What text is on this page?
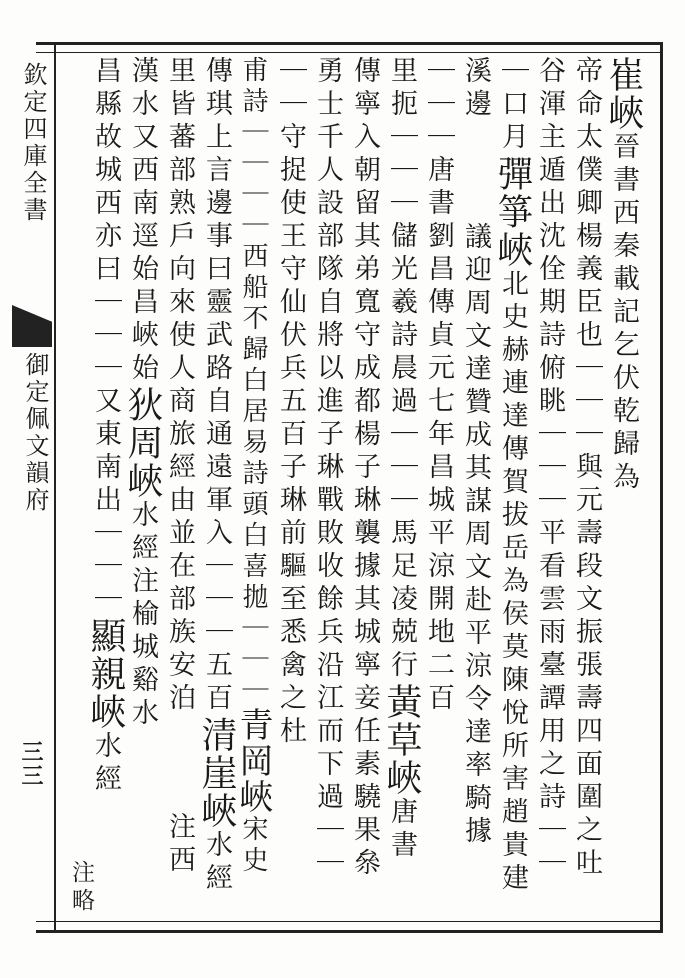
欽定四庫全書
御定佩文韻府
三三
崔峽晉書西秦載記乞伏乾歸為
帝命太僕卿楊義臣也｜｜｜與元壽段文振張壽四面圍之吐
谷渾主遁出沈佺期詩俯眺｜｜｜平看雲雨臺譚用之詩｜｜
｜口月彈箏峽北史赫連達傳賀拔岳為侯莫陳悅所害趙貴建
溪邊議迎周文達贊成其謀周文赴平涼令達率騎據
｜｜｜唐書劉昌傳貞元七年昌城平涼開地二百
里扼｜｜｜儲光羲詩晨過｜｜｜馬足凌兢行黃草峽唐書
傳寧入朝留其弟寬守成都楊子琳襲據其城寧妾任素驍果㕘
勇士千人設部隊自將以進子琳戰敗收餘兵沿江而下過｜｜
｜｜守捉使王守仙伏兵五百子琳前驅至悉禽之杜
甫詩｜｜｜｜西船不歸白居易詩頭白喜拋｜｜｜青岡峽宋史
傳琪上言邊事曰靈武路自通遠軍入｜｜｜五百清崖峽水經
里皆蕃部熟戶向來使人商旅經由並在部族安泊注西
漢水又西南逕始昌峽始狄周峽水經注榆城谿水
昌縣故城西亦曰｜｜｜又東南出｜｜｜顯親峽水經
注略
